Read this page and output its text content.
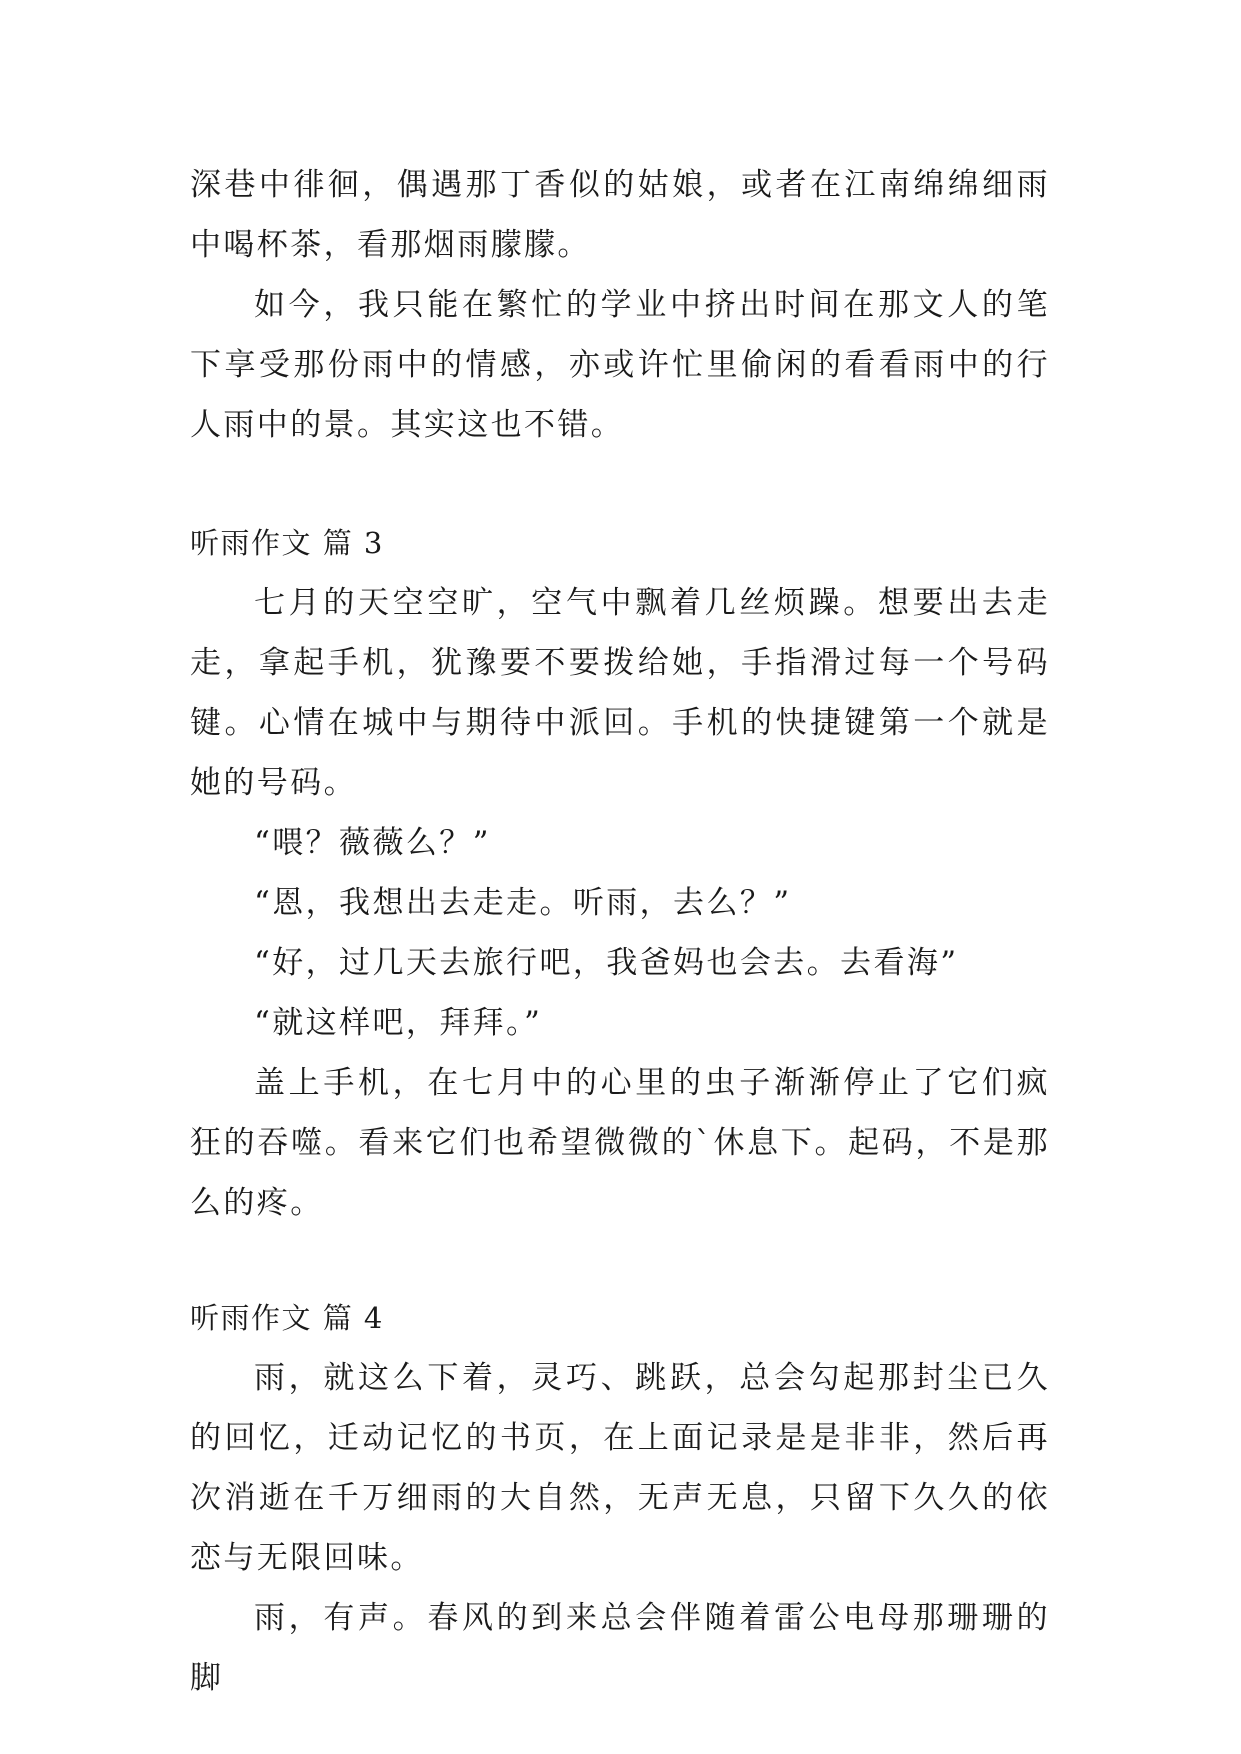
深巷中徘徊，偶遇那丁香似的姑娘，或者在江南绵绵细雨中喝杯茶，看那烟雨朦朦。

如今，我只能在繁忙的学业中挤出时间在那文人的笔下享受那份雨中的情感，亦或许忙里偷闲的看看雨中的行人雨中的景。其实这也不错。

听雨作文 篇 3

七月的天空空旷，空气中飘着几丝烦躁。想要出去走走，拿起手机，犹豫要不要拨给她，手指滑过每一个号码键。心情在城中与期待中派回。手机的快捷键第一个就是她的号码。

“喂？薇薇么？”

“恩，我想出去走走。听雨，去么？”

“好，过几天去旅行吧，我爸妈也会去。去看海”

“就这样吧，拜拜。”

盖上手机，在七月中的心里的虫子渐渐停止了它们疯狂的吞噬。看来它们也希望微微的`休息下。起码，不是那么的疼。

听雨作文 篇 4

雨，就这么下着，灵巧、跳跃，总会勾起那封尘已久的回忆，迁动记忆的书页，在上面记录是是非非，然后再次消逝在千万细雨的大自然，无声无息，只留下久久的依恋与无限回味。

雨，有声。春风的到来总会伴随着雷公电母那珊珊的脚
